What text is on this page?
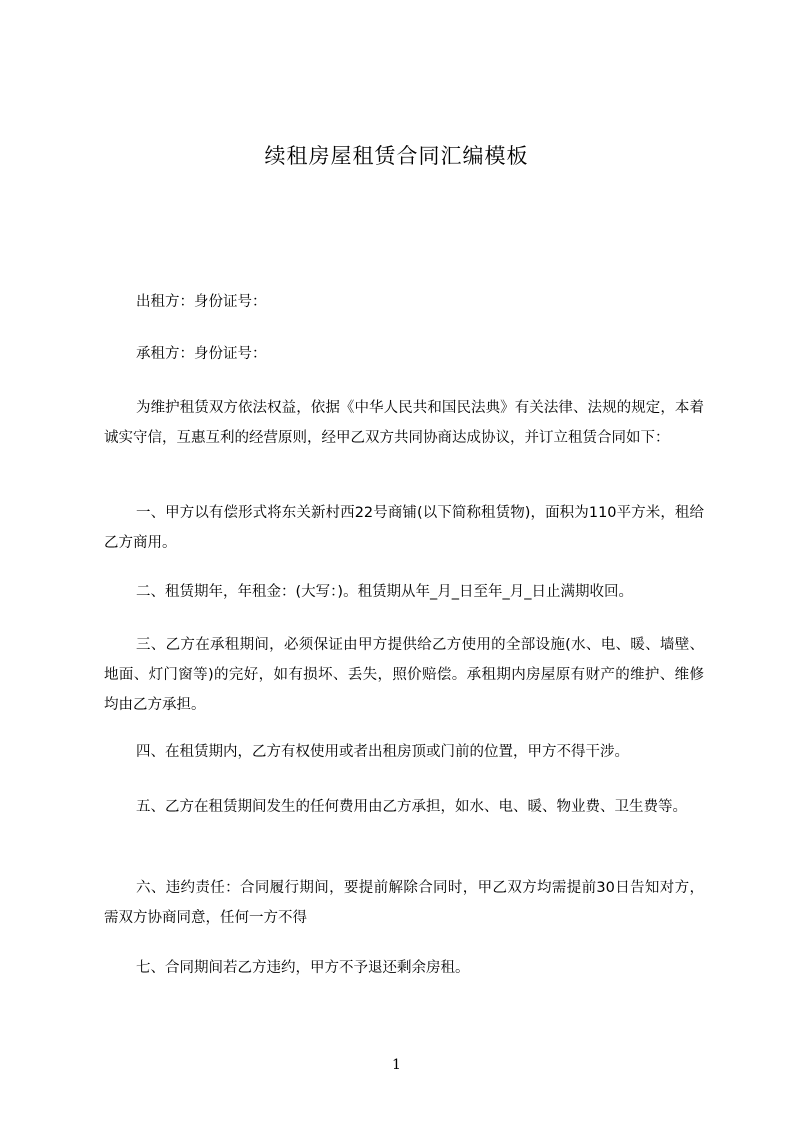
续租房屋租赁合同汇编模板

出租方：身份证号：

承租方：身份证号：

为维护租赁双方依法权益，依据《中华人民共和国民法典》有关法律、法规的规定，本着诚实守信，互惠互利的经营原则，经甲乙双方共同协商达成协议，并订立租赁合同如下：

一、甲方以有偿形式将东关新村西22号商铺(以下简称租赁物)，面积为110平方米，租给乙方商用。

二、租赁期年，年租金：(大写：)。租赁期从年_月_日至年_月_日止满期收回。

三、乙方在承租期间，必须保证由甲方提供给乙方使用的全部设施(水、电、暖、墙壁、地面、灯门窗等)的完好，如有损坏、丢失，照价赔偿。承租期内房屋原有财产的维护、维修均由乙方承担。

四、在租赁期内，乙方有权使用或者出租房顶或门前的位置，甲方不得干涉。

五、乙方在租赁期间发生的任何费用由乙方承担，如水、电、暖、物业费、卫生费等。

六、违约责任：合同履行期间，要提前解除合同时，甲乙双方均需提前30日告知对方，需双方协商同意，任何一方不得

七、合同期间若乙方违约，甲方不予退还剩余房租。

1
